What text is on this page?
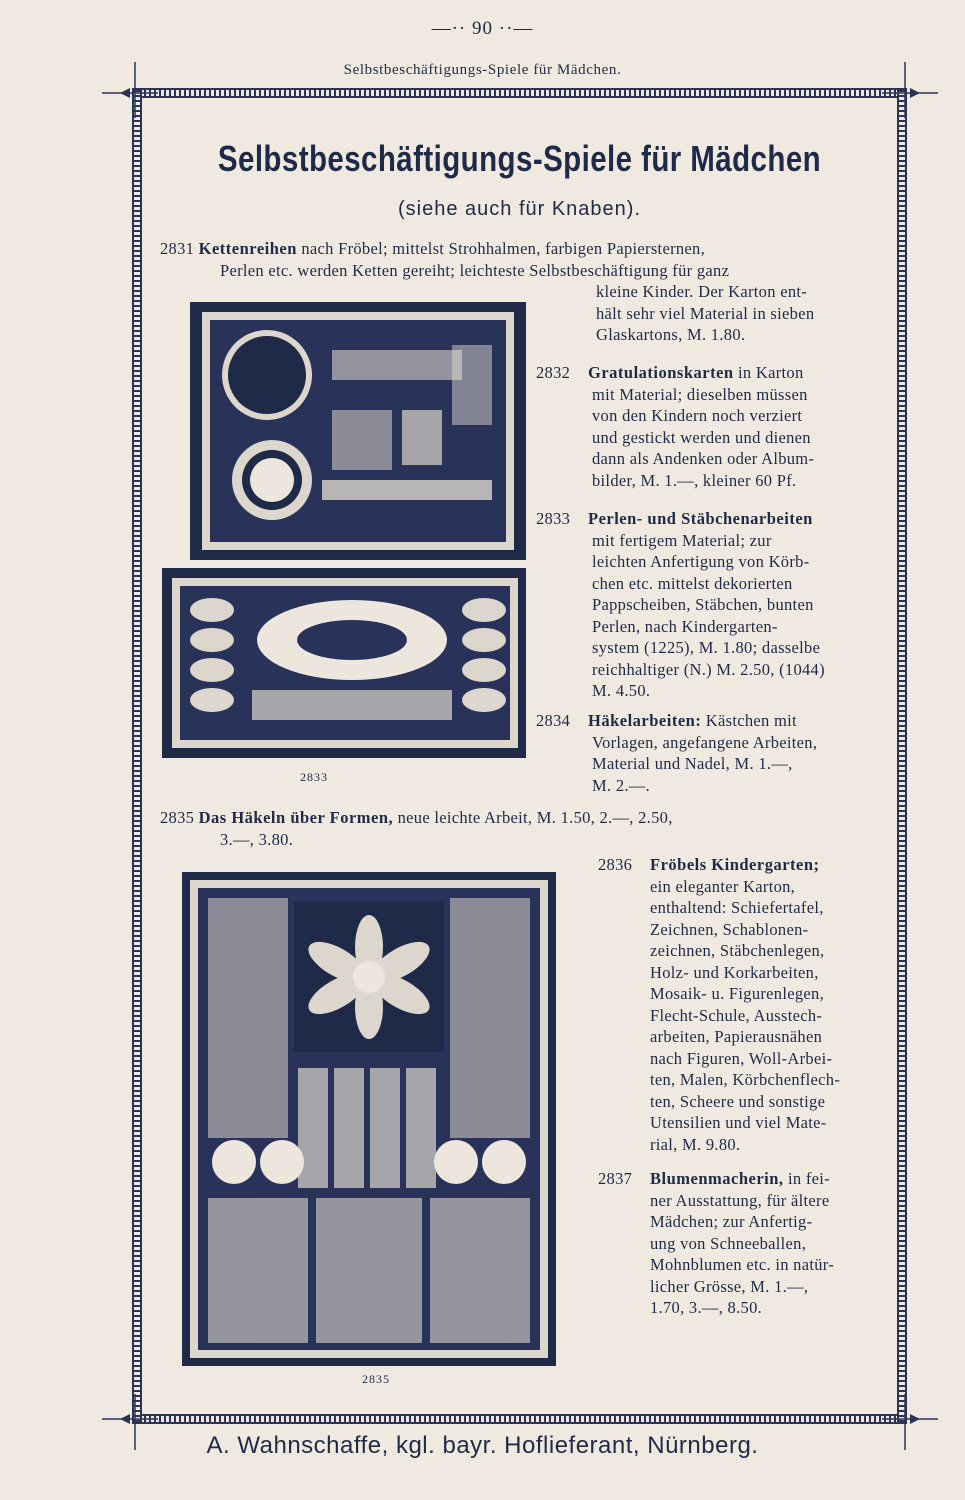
—·· 90 ··—
Selbstbeschäftigungs-Spiele für Mädchen.
Selbstbeschäftigungs-Spiele für Mädchen
(siehe auch für Knaben).
2831 Kettenreihen nach Fröbel; mittelst Strohhalmen, farbigen Papiersternen,
Perlen etc. werden Ketten gereiht; leichteste Selbstbeschäftigung für ganz
kleine Kinder. Der Karton ent-
hält sehr viel Material in sieben
Glaskartons, M. 1.80.
2833
2832 Gratulationskarten in Karton
mit Material; dieselben müssen
von den Kindern noch verziert
und gestickt werden und dienen
dann als Andenken oder Album-
bilder, M. 1.—, kleiner 60 Pf.
2833 Perlen- und Stäbchenarbeiten
mit fertigem Material; zur
leichten Anfertigung von Körb-
chen etc. mittelst dekorierten
Pappscheiben, Stäbchen, bunten
Perlen, nach Kindergarten-
system (1225), M. 1.80; dasselbe
reichhaltiger (N.) M. 2.50, (1044)
M. 4.50.
2834 Häkelarbeiten: Kästchen mit
Vorlagen, angefangene Arbeiten,
Material und Nadel, M. 1.—,
M. 2.—.
2835 Das Häkeln über Formen, neue leichte Arbeit, M. 1.50, 2.—, 2.50,
3.—, 3.80.
2835
2836 Fröbels Kindergarten;
ein eleganter Karton,
enthaltend: Schiefertafel,
Zeichnen, Schablonen-
zeichnen, Stäbchenlegen,
Holz- und Korkarbeiten,
Mosaik- u. Figurenlegen,
Flecht-Schule, Ausstech-
arbeiten, Papierausnähen
nach Figuren, Woll-Arbei-
ten, Malen, Körbchenflech-
ten, Scheere und sonstige
Utensilien und viel Mate-
rial, M. 9.80.
2837 Blumenmacherin, in fei-
ner Ausstattung, für ältere
Mädchen; zur Anfertig-
ung von Schneeballen,
Mohnblumen etc. in natür-
licher Grösse, M. 1.—,
1.70, 3.—, 8.50.
A. Wahnschaffe, kgl. bayr. Hoflieferant, Nürnberg.
